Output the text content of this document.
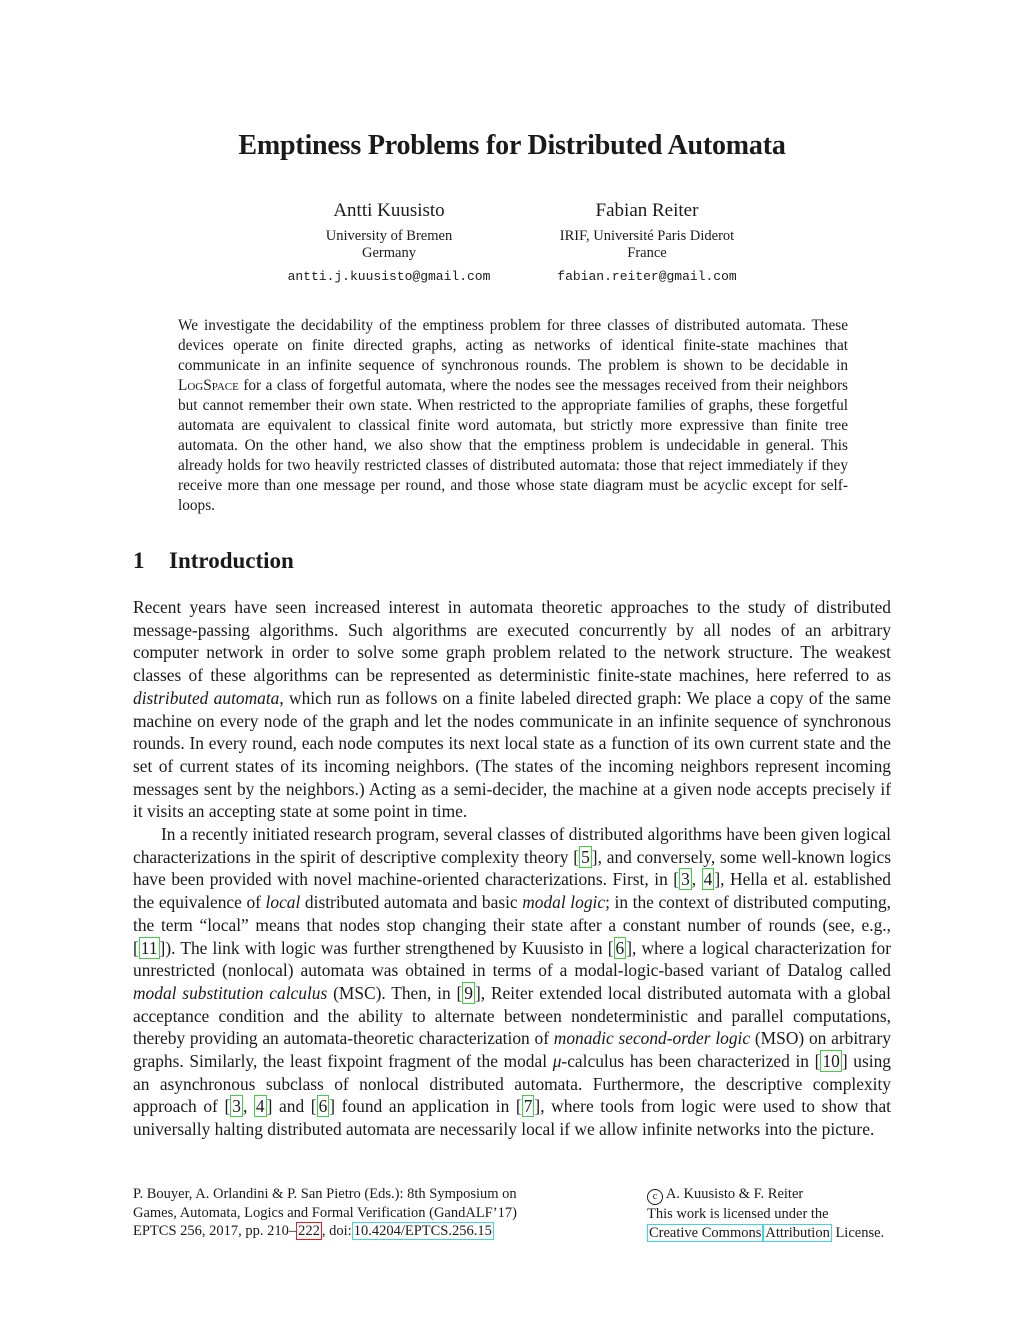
Emptiness Problems for Distributed Automata
Antti Kuusisto
University of Bremen
Germany
antti.j.kuusisto@gmail.com
Fabian Reiter
IRIF, Université Paris Diderot
France
fabian.reiter@gmail.com

We investigate the decidability of the emptiness problem for three classes of distributed automata. These devices operate on finite directed graphs, acting as networks of identical finite-state machines that communicate in an infinite sequence of synchronous rounds. The problem is shown to be decidable in LogSpace for a class of forgetful automata, where the nodes see the messages received from their neighbors but cannot remember their own state. When restricted to the appropriate families of graphs, these forgetful automata are equivalent to classical finite word automata, but strictly more expressive than finite tree automata. On the other hand, we also show that the emptiness problem is undecidable in general. This already holds for two heavily restricted classes of distributed automata: those that reject immediately if they receive more than one message per round, and those whose state diagram must be acyclic except for self-loops.

1 Introduction

Recent years have seen increased interest in automata theoretic approaches to the study of distributed message-passing algorithms. Such algorithms are executed concurrently by all nodes of an arbitrary computer network in order to solve some graph problem related to the network structure. The weakest classes of these algorithms can be represented as deterministic finite-state machines, here referred to as distributed automata, which run as follows on a finite labeled directed graph: We place a copy of the same machine on every node of the graph and let the nodes communicate in an infinite sequence of synchronous rounds. In every round, each node computes its next local state as a function of its own current state and the set of current states of its incoming neighbors. (The states of the incoming neighbors represent incoming messages sent by the neighbors.) Acting as a semi-decider, the machine at a given node accepts precisely if it visits an accepting state at some point in time.

In a recently initiated research program, several classes of distributed algorithms have been given logical characterizations in the spirit of descriptive complexity theory [ 5 ], and conversely, some well-known logics have been provided with novel machine-oriented characterizations. First, in [ 3 , 4 ], Hella et al. established the equivalence of local distributed automata and basic modal logic; in the context of distributed computing, the term “local” means that nodes stop changing their state after a constant number of rounds (see, e.g., [ 11 ]). The link with logic was further strengthened by Kuusisto in [ 6 ], where a logical characterization for unrestricted (nonlocal) automata was obtained in terms of a modal-logic-based variant of Datalog called modal substitution calculus (MSC). Then, in [ 9 ], Reiter extended local distributed automata with a global acceptance condition and the ability to alternate between nondeterministic and parallel computations, thereby providing an automata-theoretic characterization of monadic second-order logic (MSO) on arbitrary graphs. Similarly, the least fixpoint fragment of the modal μ-calculus has been characterized in [ 10 ] using an asynchronous subclass of nonlocal distributed automata. Furthermore, the descriptive complexity approach of [ 3 , 4 ] and [ 6 ] found an application in [ 7 ], where tools from logic were used to show that universally halting distributed automata are necessarily local if we allow infinite networks into the picture.

P. Bouyer, A. Orlandini & P. San Pietro (Eds.): 8th Symposium on
Games, Automata, Logics and Formal Verification (GandALF’17)
EPTCS 256, 2017, pp. 210– 222 , doi: 10.4204/EPTCS.256.15
c A. Kuusisto & F. Reiter
This work is licensed under the
Creative Commons Attribution License.
